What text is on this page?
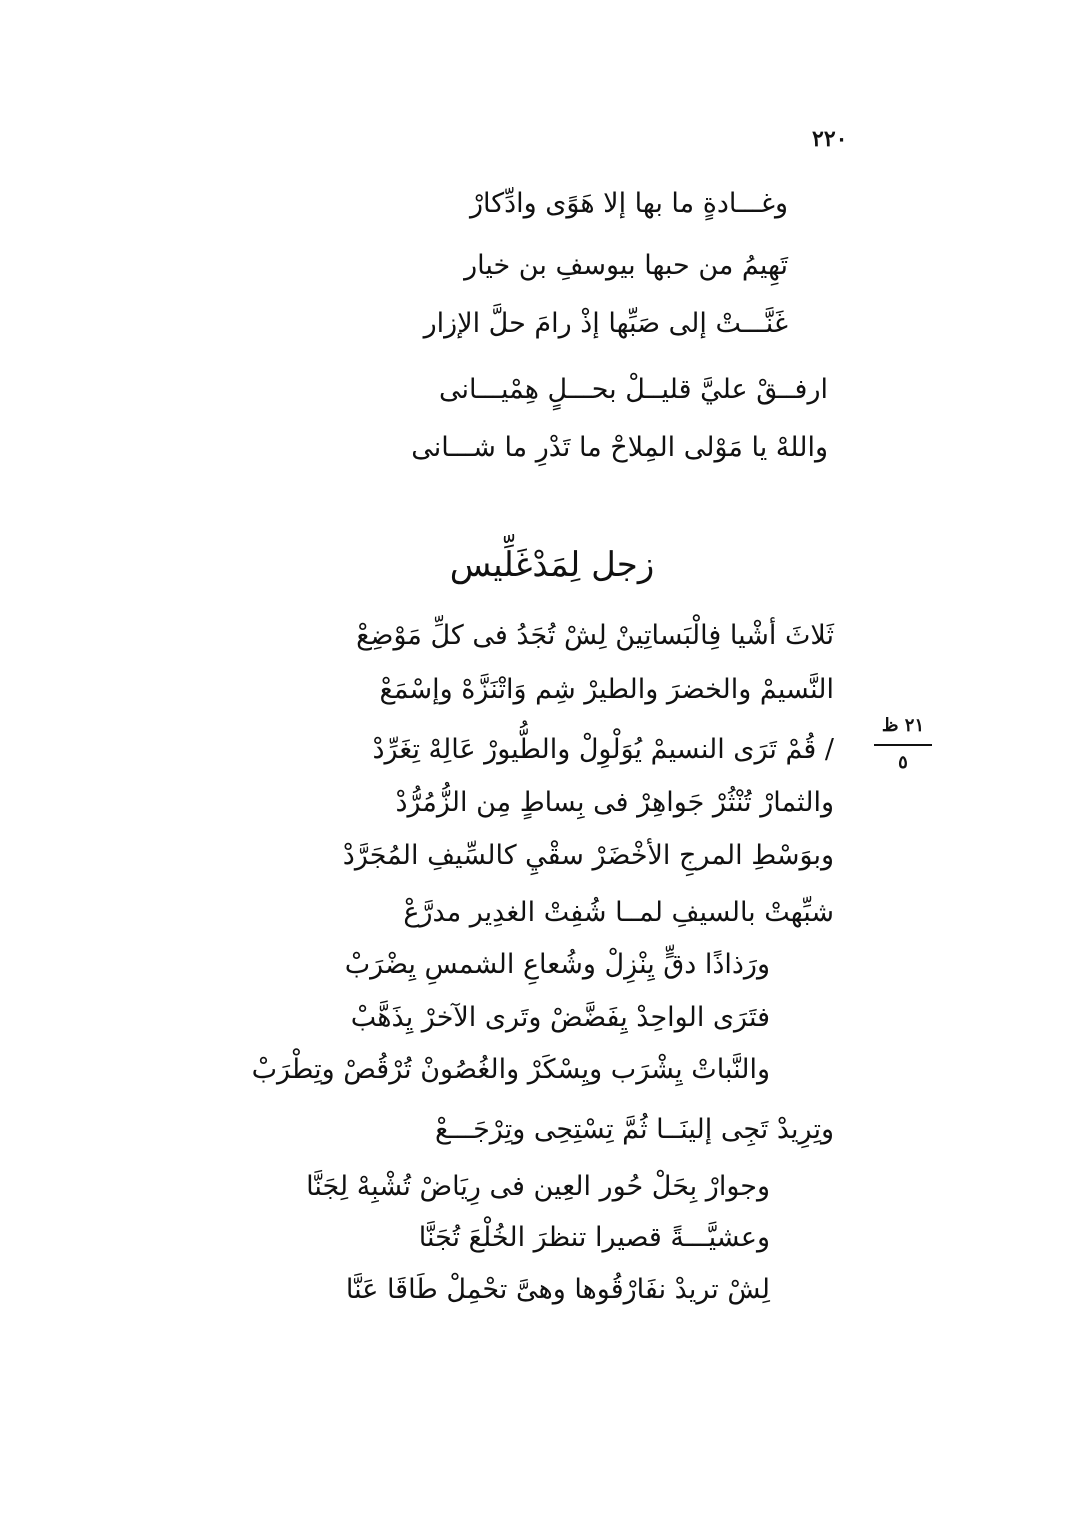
٢٢٠
وغـــادةٍ ما بها إلا هَوًى وادِّكارْ
تَهِيمُ من حبها بيوسفِ بن خيار
غَنَّـــتْ إلى صَبِّها إذْ رامَ حلَّ الإزار
ارفــقْ عليَّ قليــلْ بحـــلٍ هِمْيـــانى
واللهْ يا مَوْلى المِلاحْ ما تَدْرِ ما شـــانى
زجل لِمَدْغَلِّيس
٢١ ظ
٥
ثَلاثَ أشْيا فِالْبَساتِينْ لِشْ تُجَدُ فى كلِّ مَوْضِعْ
النَّسيمْ والخضرَ والطيرْ شِم وَاتْنَزَّهْ وإسْمَعْ
/ قُمْ تَرَى النسيمْ يُوَلْوِلْ والطُّيورْ عَالِهْ تِغَرِّدْ
والثمارْ تُنْثُرْ جَواهِرْ فى بِساطٍ مِن الزُّمُرُّدْ
وبوَسْطِ المرجِ الأخْضَرْ سقْيِ كالسِّيفِ المُجَرَّدْ
شبِّهتْ بالسيفِ لمــا شُفِتْ الغدِير مدرَّعْ
ورَذاذًا دقٍّ يِنْزِلْ وشُعاعِ الشمسِ يِضْرَبْ
فتَرَى الواحِدْ يِفَضَّضْ وتَرى الآخرْ يِذَهَّبْ
والنَّباتْ يِشْرَب ويِسْكَرْ والغُصُونْ تُرْقُصْ وتِطْرَبْ
وتِرِيدْ تَجِى إلينَــا ثُمَّ تِسْتِحِى وتِرْجَـــعْ
وجوارْ بِحَلْ حُور العِين فى رِيَاضْ تُشْبِهْ لِجَنَّا
وعشيَّـــةً قصيرا تنظرَ الخُلْعَ تُجَنَّا
لِشْ تريدْ نفَارْقُوها وهىَّ تحْمِلْ طَاقَا عَنَّا
